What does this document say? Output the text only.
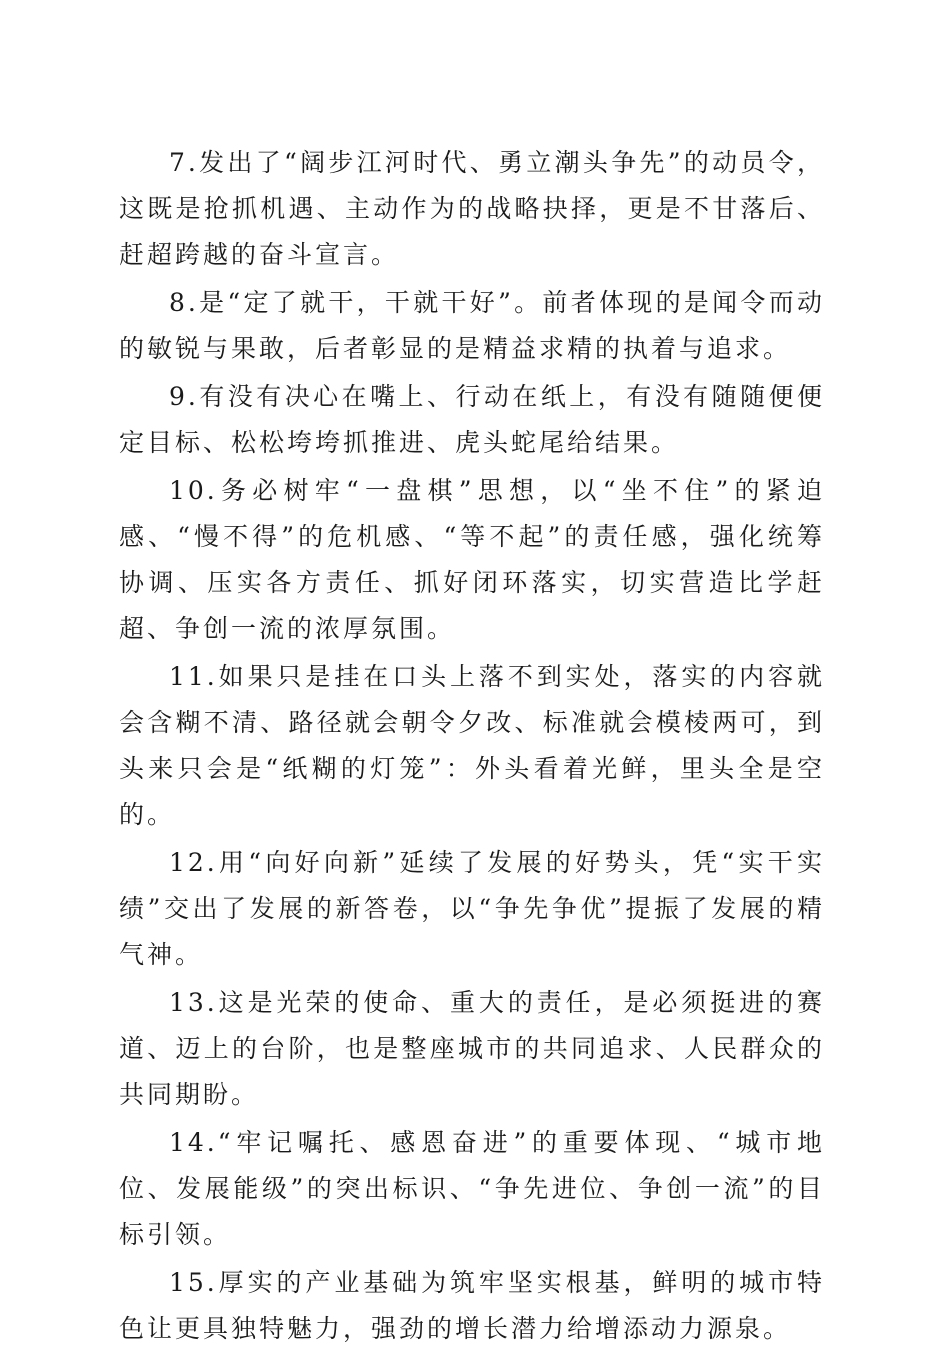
7.发出了“阔步江河时代、勇立潮头争先”的动员令，这既是抢抓机遇、主动作为的战略抉择，更是不甘落后、赶超跨越的奋斗宣言。

8.是“定了就干，干就干好”。前者体现的是闻令而动的敏锐与果敢，后者彰显的是精益求精的执着与追求。

9.有没有决心在嘴上、行动在纸上，有没有随随便便定目标、松松垮垮抓推进、虎头蛇尾给结果。

10.务必树牢“一盘棋”思想，以“坐不住”的紧迫感、“慢不得”的危机感、“等不起”的责任感，强化统筹协调、压实各方责任、抓好闭环落实，切实营造比学赶超、争创一流的浓厚氛围。

11.如果只是挂在口头上落不到实处，落实的内容就会含糊不清、路径就会朝令夕改、标准就会模棱两可，到头来只会是“纸糊的灯笼”：外头看着光鲜，里头全是空的。

12.用“向好向新”延续了发展的好势头，凭“实干实绩”交出了发展的新答卷，以“争先争优”提振了发展的精气神。

13.这是光荣的使命、重大的责任，是必须挺进的赛道、迈上的台阶，也是整座城市的共同追求、人民群众的共同期盼。

14.“牢记嘱托、感恩奋进”的重要体现、“城市地位、发展能级”的突出标识、“争先进位、争创一流”的目标引领。

15.厚实的产业基础为筑牢坚实根基，鲜明的城市特色让更具独特魅力，强劲的增长潜力给增添动力源泉。
